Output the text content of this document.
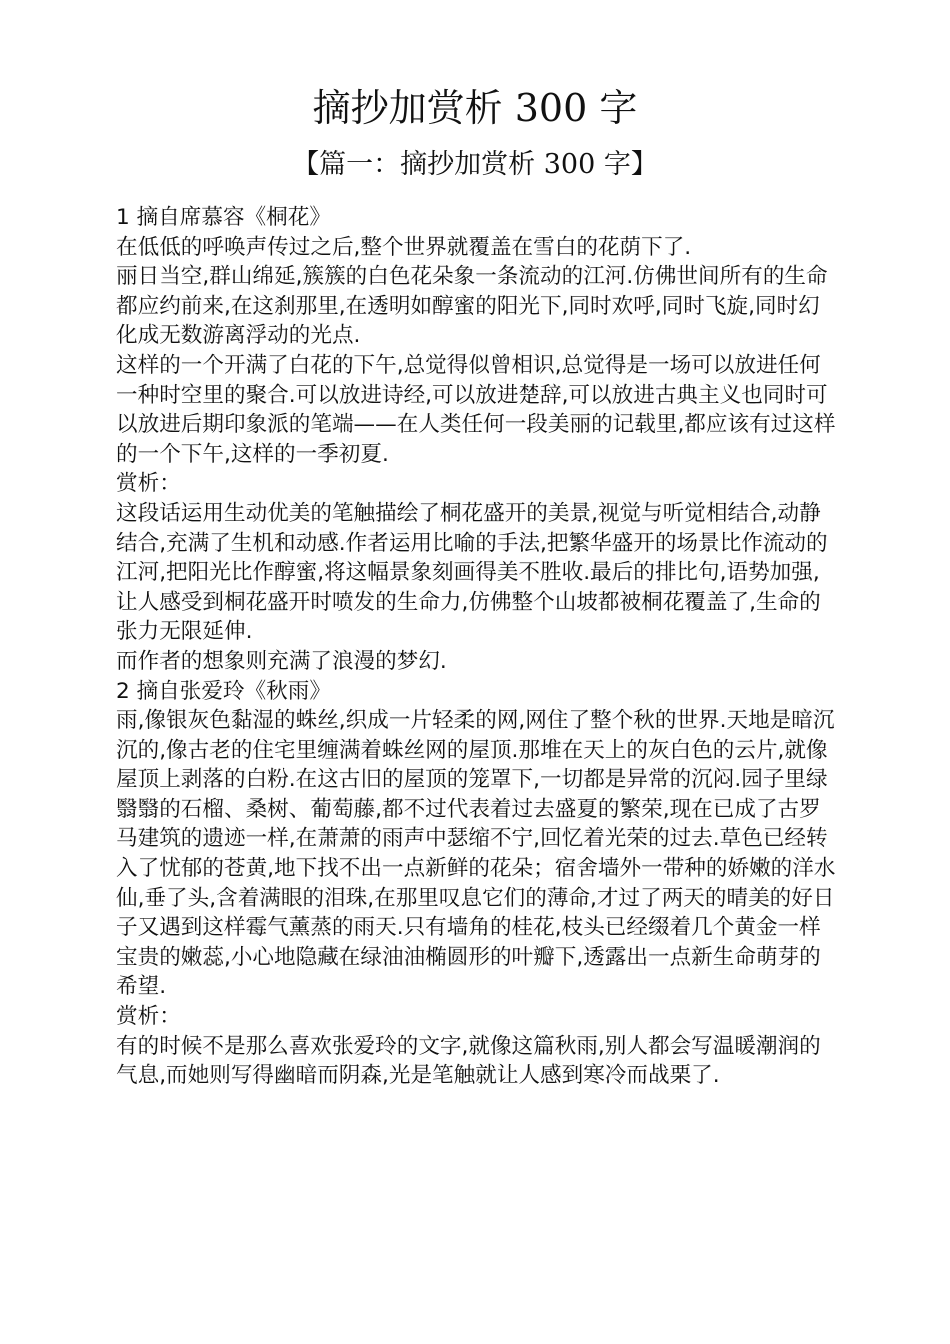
摘抄加赏析 300 字
【篇一：摘抄加赏析 300 字】

1 摘自席慕容《桐花》

在低低的呼唤声传过之后,整个世界就覆盖在雪白的花荫下了.

丽日当空,群山绵延,簇簇的白色花朵象一条流动的江河.仿佛世间所有的生命都应约前来,在这刹那里,在透明如醇蜜的阳光下,同时欢呼,同时飞旋,同时幻化成无数游离浮动的光点.

这样的一个开满了白花的下午,总觉得似曾相识,总觉得是一场可以放进任何一种时空里的聚合.可以放进诗经,可以放进楚辞,可以放进古典主义也同时可以放进后期印象派的笔端——在人类任何一段美丽的记载里,都应该有过这样的一个下午,这样的一季初夏.

赏析：

这段话运用生动优美的笔触描绘了桐花盛开的美景,视觉与听觉相结合,动静结合,充满了生机和动感.作者运用比喻的手法,把繁华盛开的场景比作流动的江河,把阳光比作醇蜜,将这幅景象刻画得美不胜收.最后的排比句,语势加强,让人感受到桐花盛开时喷发的生命力,仿佛整个山坡都被桐花覆盖了,生命的张力无限延伸.

而作者的想象则充满了浪漫的梦幻.

2 摘自张爱玲《秋雨》

雨,像银灰色黏湿的蛛丝,织成一片轻柔的网,网住了整个秋的世界.天地是暗沉沉的,像古老的住宅里缠满着蛛丝网的屋顶.那堆在天上的灰白色的云片,就像屋顶上剥落的白粉.在这古旧的屋顶的笼罩下,一切都是异常的沉闷.园子里绿翳翳的石榴、桑树、葡萄藤,都不过代表着过去盛夏的繁荣,现在已成了古罗马建筑的遗迹一样,在萧萧的雨声中瑟缩不宁,回忆着光荣的过去.草色已经转入了忧郁的苍黄,地下找不出一点新鲜的花朵；宿舍墙外一带种的娇嫩的洋水仙,垂了头,含着满眼的泪珠,在那里叹息它们的薄命,才过了两天的晴美的好日子又遇到这样霉气薰蒸的雨天.只有墙角的桂花,枝头已经缀着几个黄金一样宝贵的嫩蕊,小心地隐藏在绿油油椭圆形的叶瓣下,透露出一点新生命萌芽的希望.

赏析：

有的时候不是那么喜欢张爱玲的文字,就像这篇秋雨,别人都会写温暖潮润的气息,而她则写得幽暗而阴森,光是笔触就让人感到寒冷而战栗了.
